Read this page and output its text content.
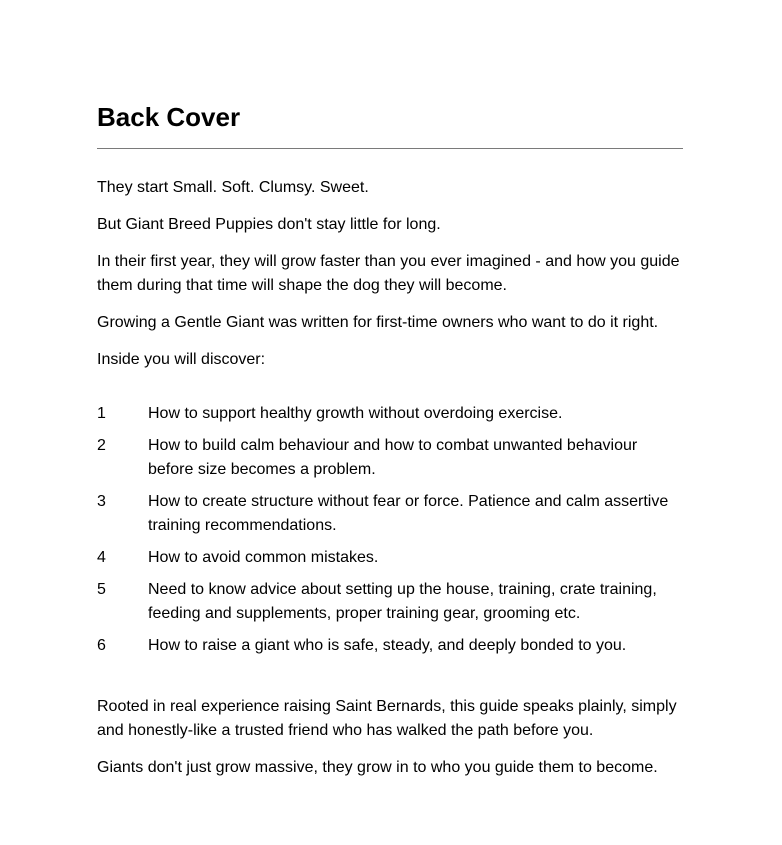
Back Cover

They start Small. Soft. Clumsy. Sweet.

But Giant Breed Puppies don't stay little for long.

In their first year, they will grow faster than you ever imagined - and how you guide them during that time will shape the dog they will become.

Growing a Gentle Giant was written for first-time owners who want to do it right.

Inside you will discover:

1	How to support healthy growth without overdoing exercise.
2	How to build calm behaviour and how to combat unwanted behaviour before size becomes a problem.
3	How to create structure without fear or force. Patience and calm assertive training recommendations.
4	How to avoid common mistakes.
5	Need to know advice about setting up the house, training, crate training, feeding and supplements, proper training gear, grooming etc.
6	How to raise a giant who is safe, steady, and deeply bonded to you.

Rooted in real experience raising Saint Bernards, this guide speaks plainly, simply and honestly-like a trusted friend who has walked the path before you.

Giants don't just grow massive, they grow in to who you guide them to become.
